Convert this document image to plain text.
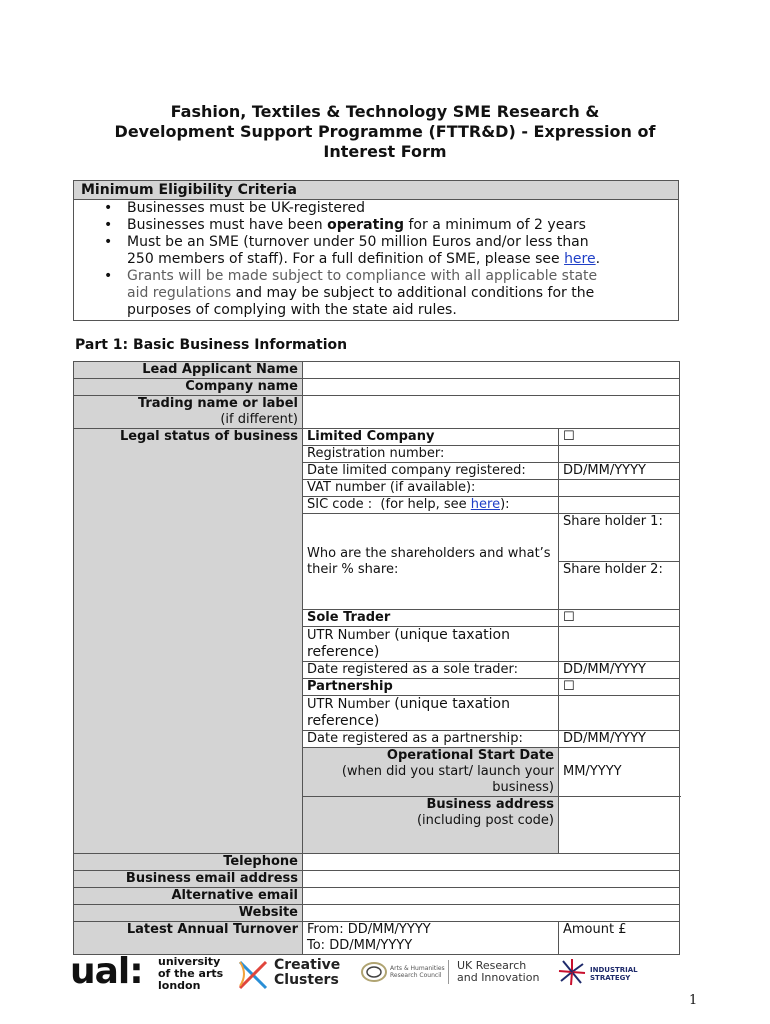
Fashion, Textiles & Technology SME Research &
Development Support Programme (FTTR&D) - Expression of
Interest Form
Minimum Eligibility Criteria
• Businesses must be UK-registered
• Businesses must have been operating for a minimum of 2 years
• Must be an SME (turnover under 50 million Euros and/or less than
250 members of staff). For a full definition of SME, please see here.
• Grants will be made subject to compliance with all applicable state
aid regulations and may be subject to additional conditions for the
purposes of complying with the state aid rules.
Part 1: Basic Business Information
Lead Applicant Name		
Company name		
Trading name or label
(if different)		
Legal status of business	Limited Company	☐
	Registration number:	
	Date limited company registered:	DD/MM/YYYY
	VAT number (if available):	
	SIC code :  (for help, see here):	
	Who are the shareholders and what’s their % share:	Share holder 1:
		Share holder 2:
	Sole Trader	☐
	UTR Number (unique taxation reference)	
	Date registered as a sole trader:	DD/MM/YYYY
	Partnership	☐
	UTR Number (unique taxation reference)	
	Date registered as a partnership:	DD/MM/YYYY
	Operational Start Date
(when did you start/ launch your business)	MM/YYYY
	Business address
(including post code)	
Telephone		
Business email address		
Alternative email		
Website		
Latest Annual Turnover	From: DD/MM/YYYY
To: DD/MM/YYYY	Amount £
ual: university
of the arts
london
Creative
Clusters
Arts & Humanities
Research Council
UK Research
and Innovation
INDUSTRIAL
STRATEGY
1
